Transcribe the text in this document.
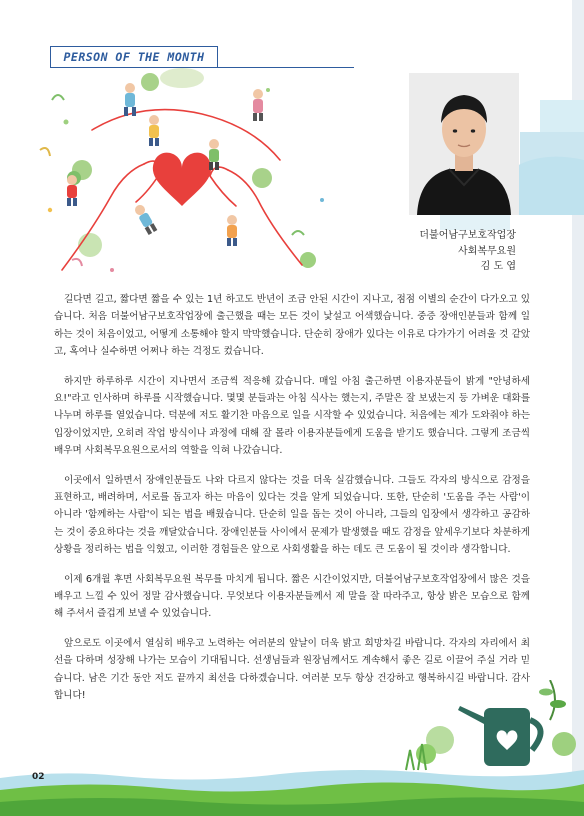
PERSON OF THE MONTH
더불어남구보호작업장
사회복무요원
김 도 엽

길다면 길고, 짧다면 짧을 수 있는 1년 하고도 반년이 조금 안된 시간이 지나고, 점점 이별의 순간이 다가오고 있습니다. 처음 더불어남구보호작업장에 출근했을 때는 모든 것이 낯설고 어색했습니다. 중증 장애인분들과 함께 일하는 것이 처음이었고, 어떻게 소통해야 할지 막막했습니다. 단순히 장애가 있다는 이유로 다가가기 어려울 것 같았고, 혹여나 실수하면 어쩌나 하는 걱정도 컸습니다.

하지만 하루하루 시간이 지나면서 조금씩 적응해 갔습니다. 매일 아침 출근하면 이용자분들이 밝게 "안녕하세요!"라고 인사하며 하루를 시작했습니다. 몇몇 분들과는 아침 식사는 했는지, 주말은 잘 보냈는지 등 가벼운 대화를 나누며 하루를 열었습니다. 덕분에 저도 활기찬 마음으로 일을 시작할 수 있었습니다. 처음에는 제가 도와줘야 하는 입장이었지만, 오히려 작업 방식이나 과정에 대해 잘 몰라 이용자분들에게 도움을 받기도 했습니다. 그렇게 조금씩 배우며 사회복무요원으로서의 역할을 익혀 나갔습니다.

이곳에서 일하면서 장애인분들도 나와 다르지 않다는 것을 더욱 실감했습니다. 그들도 각자의 방식으로 감정을 표현하고, 배려하며, 서로를 돕고자 하는 마음이 있다는 것을 알게 되었습니다. 또한, 단순히 '도움을 주는 사람'이 아니라 '함께하는 사람'이 되는 법을 배웠습니다. 단순히 일을 돕는 것이 아니라, 그들의 입장에서 생각하고 공감하는 것이 중요하다는 것을 깨달았습니다. 장애인분들 사이에서 문제가 발생했을 때도 감정을 앞세우기보다 차분하게 상황을 정리하는 법을 익혔고, 이러한 경험들은 앞으로 사회생활을 하는 데도 큰 도움이 될 것이라 생각합니다.

이제 6개월 후면 사회복무요원 복무를 마치게 됩니다. 짧은 시간이었지만, 더불어남구보호작업장에서 많은 것을 배우고 느낄 수 있어 정말 감사했습니다. 무엇보다 이용자분들께서 제 말을 잘 따라주고, 항상 밝은 모습으로 함께해 주셔서 즐겁게 보낼 수 있었습니다.

앞으로도 이곳에서 열심히 배우고 노력하는 여러분의 앞날이 더욱 밝고 희망차길 바랍니다. 각자의 자리에서 최선을 다하며 성장해 나가는 모습이 기대됩니다. 선생님들과 원장님께서도 계속해서 좋은 길로 이끌어 주실 거라 믿습니다. 남은 기간 동안 저도 끝까지 최선을 다하겠습니다. 여러분 모두 항상 건강하고 행복하시길 바랍니다. 감사합니다!

02
